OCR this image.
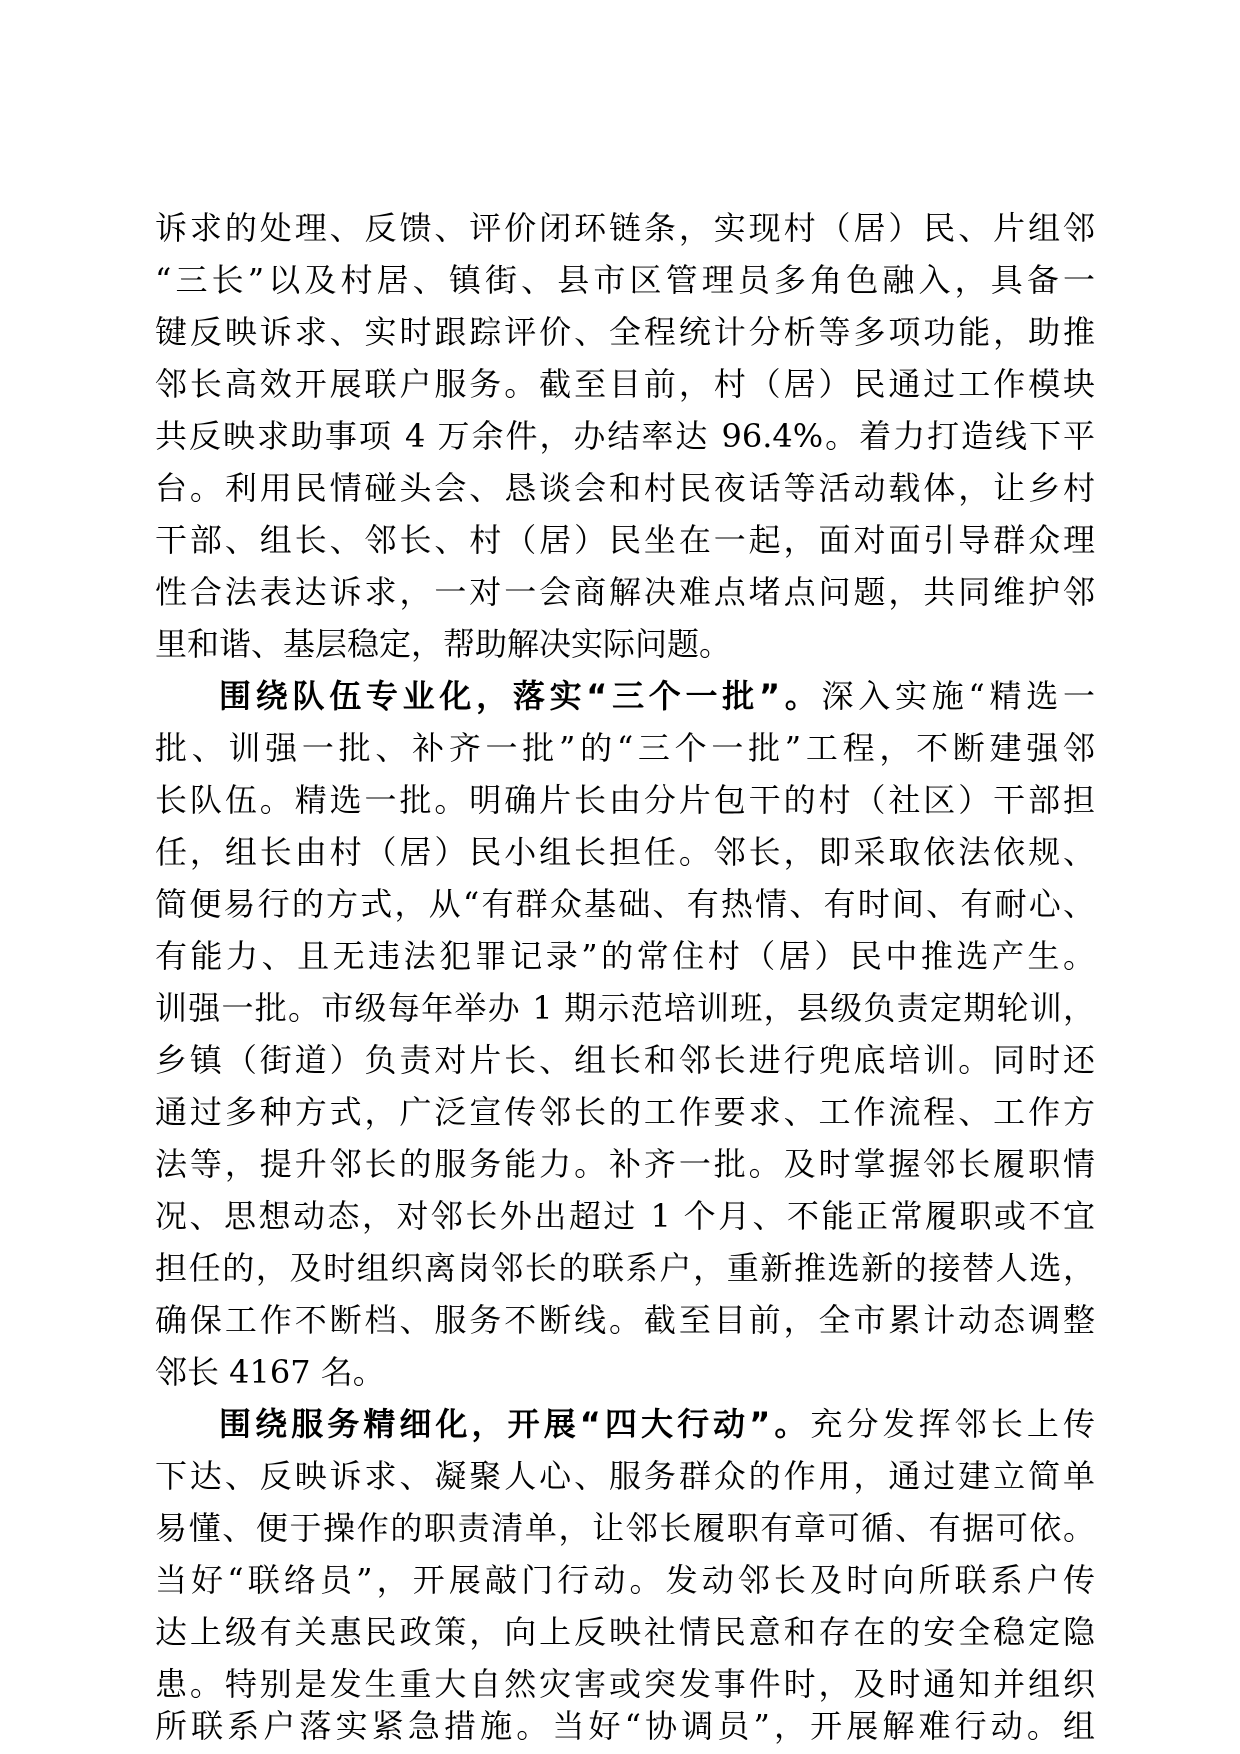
诉求的处理、反馈、评价闭环链条，实现村（居）民、片组邻
“三长”以及村居、镇街、县市区管理员多角色融入，具备一
键反映诉求、实时跟踪评价、全程统计分析等多项功能，助推
邻长高效开展联户服务。截至目前，村（居）民通过工作模块
共反映求助事项 4 万余件，办结率达 96.4%。着力打造线下平
台。利用民情碰头会、恳谈会和村民夜话等活动载体，让乡村
干部、组长、邻长、村（居）民坐在一起，面对面引导群众理
性合法表达诉求，一对一会商解决难点堵点问题，共同维护邻
里和谐、基层稳定，帮助解决实际问题。
围绕队伍专业化，落实“三个一批”。深入实施“精选一
批、训强一批、补齐一批”的“三个一批”工程，不断建强邻
长队伍。精选一批。明确片长由分片包干的村（社区）干部担
任，组长由村（居）民小组长担任。邻长，即采取依法依规、
简便易行的方式，从“有群众基础、有热情、有时间、有耐心、
有能力、且无违法犯罪记录”的常住村（居）民中推选产生。
训强一批。市级每年举办 1 期示范培训班，县级负责定期轮训，
乡镇（街道）负责对片长、组长和邻长进行兜底培训。同时还
通过多种方式，广泛宣传邻长的工作要求、工作流程、工作方
法等，提升邻长的服务能力。补齐一批。及时掌握邻长履职情
况、思想动态，对邻长外出超过 1 个月、不能正常履职或不宜
担任的，及时组织离岗邻长的联系户，重新推选新的接替人选，
确保工作不断档、服务不断线。截至目前，全市累计动态调整
邻长 4167 名。
围绕服务精细化，开展“四大行动”。充分发挥邻长上传
下达、反映诉求、凝聚人心、服务群众的作用，通过建立简单
易懂、便于操作的职责清单，让邻长履职有章可循、有据可依。
当好“联络员”，开展敲门行动。发动邻长及时向所联系户传
达上级有关惠民政策，向上反映社情民意和存在的安全稳定隐
患。特别是发生重大自然灾害或突发事件时，及时通知并组织
所联系户落实紧急措施。当好“协调员”，开展解难行动。组
